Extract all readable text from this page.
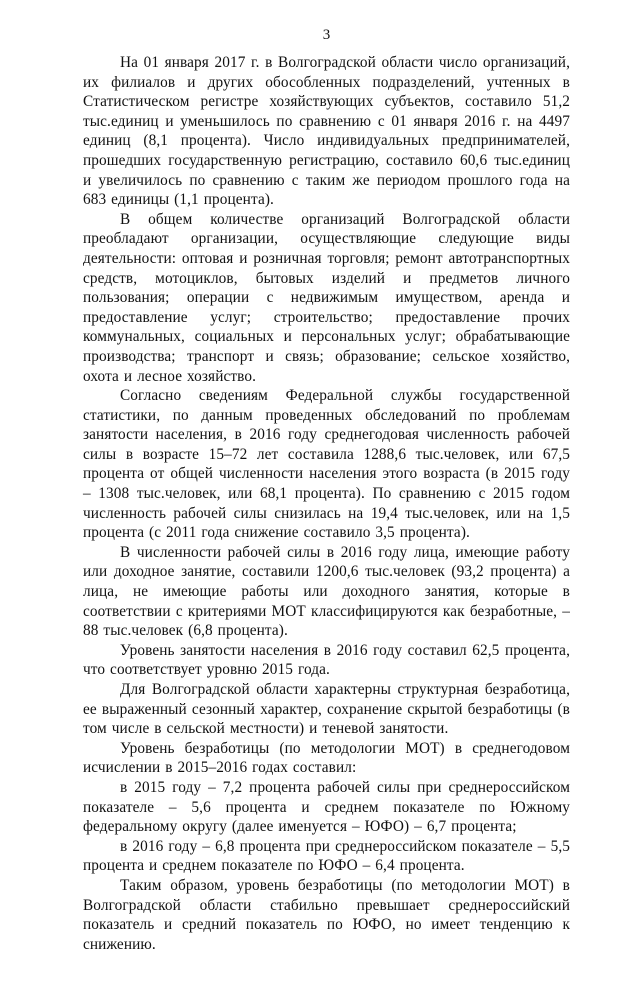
3

На 01 января 2017 г. в Волгоградской области число организаций, их филиалов и других обособленных подразделений, учтенных в Статистическом регистре хозяйствующих субъектов, составило 51,2 тыс.единиц и уменьшилось по сравнению с 01 января 2016 г. на 4497 единиц (8,1 процента). Число индивидуальных предпринимателей, прошедших государственную регистрацию, составило 60,6 тыс.единиц и увеличилось по сравнению с таким же периодом прошлого года на 683 единицы (1,1 процента).

В общем количестве организаций Волгоградской области преобладают организации, осуществляющие следующие виды деятельности: оптовая и розничная торговля; ремонт автотранспортных средств, мотоциклов, бытовых изделий и предметов личного пользования; операции с недвижимым имуществом, аренда и предоставление услуг; строительство; предоставление прочих коммунальных, социальных и персональных услуг; обрабатывающие производства; транспорт и связь; образование; сельское хозяйство, охота и лесное хозяйство.

Согласно сведениям Федеральной службы государственной статистики, по данным проведенных обследований по проблемам занятости населения, в 2016 году среднегодовая численность рабочей силы в возрасте 15–72 лет составила 1288,6 тыс.человек, или 67,5 процента от общей численности населения этого возраста (в 2015 году – 1308 тыс.человек, или 68,1 процента). По сравнению с 2015 годом численность рабочей силы снизилась на 19,4 тыс.человек, или на 1,5 процента (с 2011 года снижение составило 3,5 процента).

В численности рабочей силы в 2016 году лица, имеющие работу или доходное занятие, составили 1200,6 тыс.человек (93,2 процента) а лица, не имеющие работы или доходного занятия, которые в соответствии с критериями МОТ классифицируются как безработные, – 88 тыс.человек (6,8 процента).

Уровень занятости населения в 2016 году составил 62,5 процента, что соответствует уровню 2015 года.

Для Волгоградской области характерны структурная безработица, ее выраженный сезонный характер, сохранение скрытой безработицы (в том числе в сельской местности) и теневой занятости.

Уровень безработицы (по методологии МОТ) в среднегодовом исчислении в 2015–2016 годах составил:

в 2015 году – 7,2 процента рабочей силы при среднероссийском показателе – 5,6 процента и среднем показателе по Южному федеральному округу (далее именуется – ЮФО) – 6,7 процента;

в 2016 году – 6,8 процента при среднероссийском показателе – 5,5 процента и среднем показателе по ЮФО – 6,4 процента.

Таким образом, уровень безработицы (по методологии МОТ) в Волгоградской области стабильно превышает среднероссийский показатель и средний показатель по ЮФО, но имеет тенденцию к снижению.
